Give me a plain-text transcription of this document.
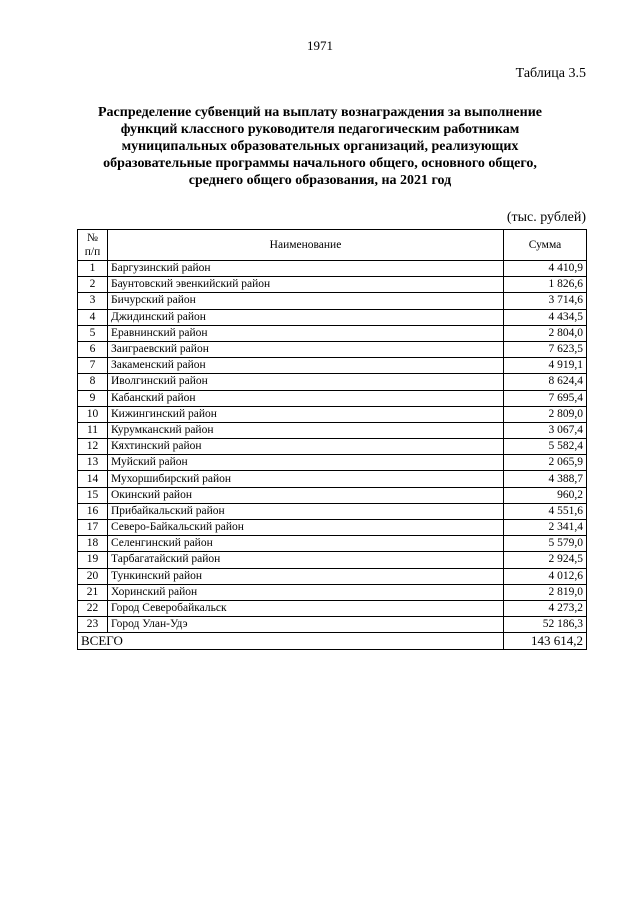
1971
Таблица 3.5
Распределение субвенций на выплату вознаграждения за выполнение
функций классного руководителя педагогическим работникам
муниципальных образовательных организаций, реализующих
образовательные программы начального общего, основного общего,
среднего общего образования, на 2021 год
(тыс. рублей)
№
п/п	Наименование	Сумма
1	Баргузинский район	4 410,9
2	Баунтовский эвенкийский район	1 826,6
3	Бичурский район	3 714,6
4	Джидинский район	4 434,5
5	Еравнинский район	2 804,0
6	Заиграевский район	7 623,5
7	Закаменский район	4 919,1
8	Иволгинский район	8 624,4
9	Кабанский район	7 695,4
10	Кижингинский район	2 809,0
11	Курумканский район	3 067,4
12	Кяхтинский район	5 582,4
13	Муйский район	2 065,9
14	Мухоршибирский район	4 388,7
15	Окинский район	960,2
16	Прибайкальский район	4 551,6
17	Северо-Байкальский район	2 341,4
18	Селенгинский район	5 579,0
19	Тарбагатайский район	2 924,5
20	Тункинский район	4 012,6
21	Хоринский район	2 819,0
22	Город Северобайкальск	4 273,2
23	Город Улан-Удэ	52 186,3
ВСЕГО		143 614,2
